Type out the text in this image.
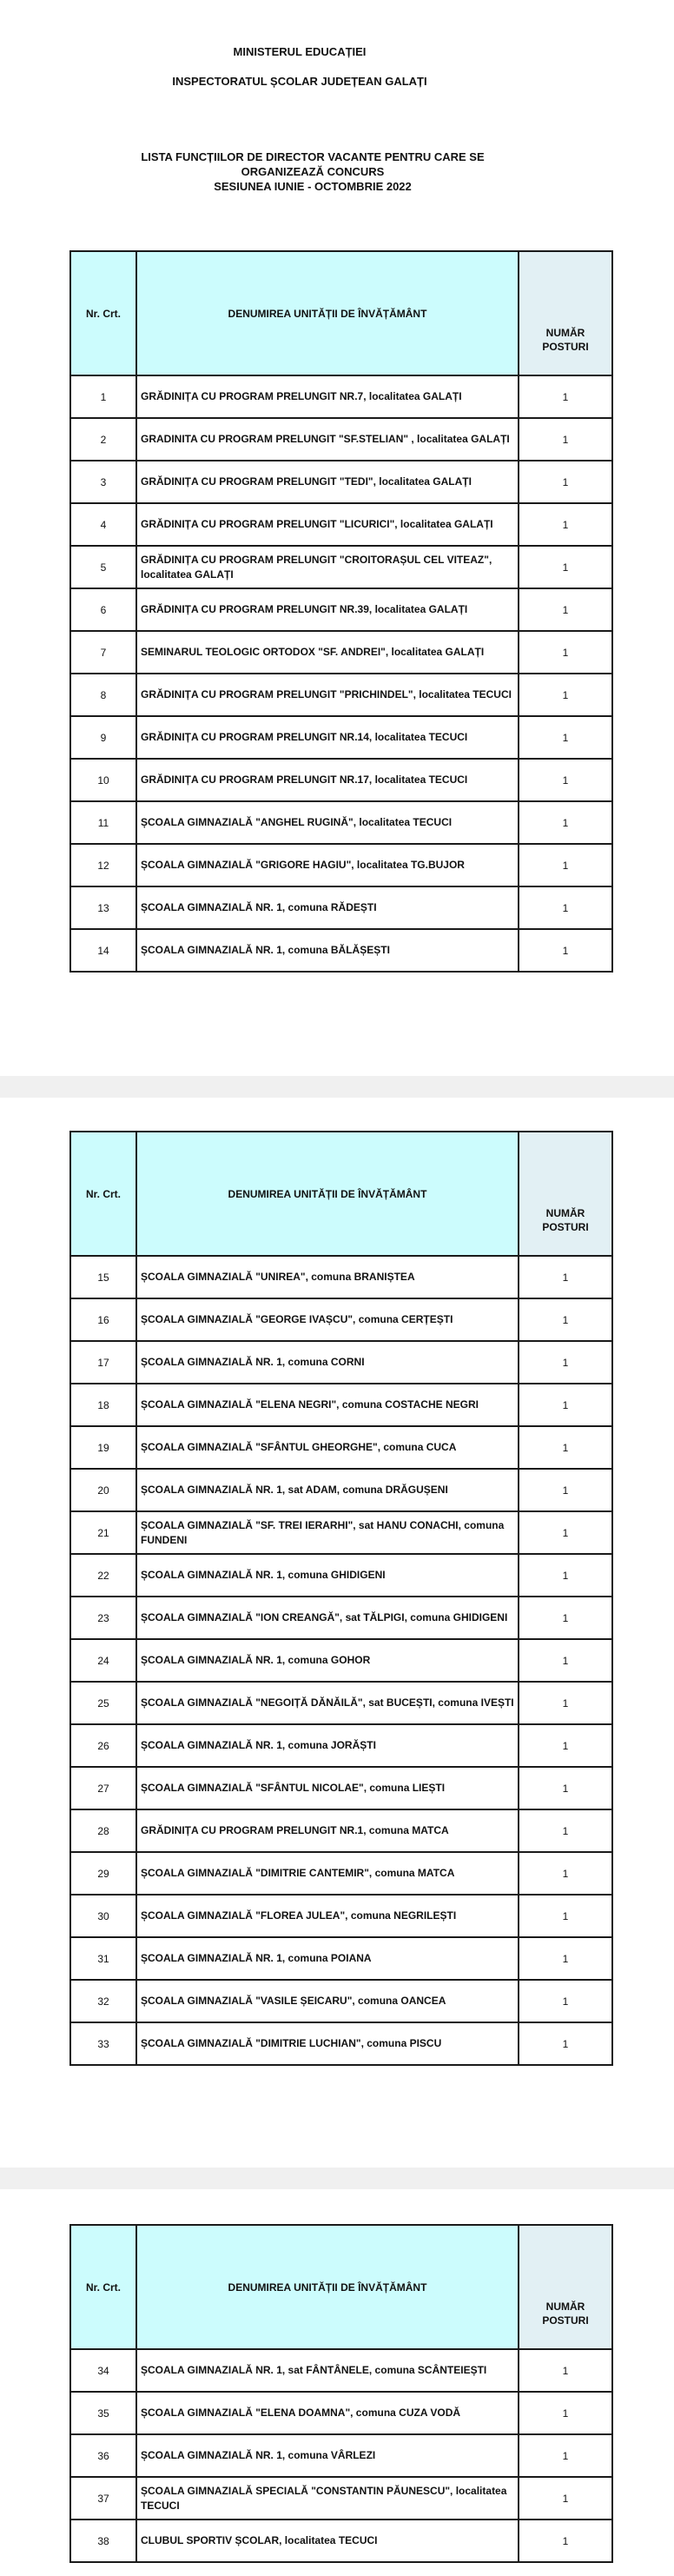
MINISTERUL EDUCAȚIEI
INSPECTORATUL ȘCOLAR JUDEȚEAN GALAȚI
LISTA FUNCȚIILOR DE DIRECTOR VACANTE PENTRU CARE SE
ORGANIZEAZĂ CONCURS
SESIUNEA IUNIE - OCTOMBRIE 2022
Nr. Crt.	DENUMIREA UNITĂȚII DE ÎNVĂȚĂMÂNT	NUMĂR
POSTURI
1	GRĂDINIȚA CU PROGRAM PRELUNGIT NR.7, localitatea GALAȚI	1
2	GRADINITA CU PROGRAM PRELUNGIT "SF.STELIAN" , localitatea GALAȚI	1
3	GRĂDINIȚA CU PROGRAM PRELUNGIT "TEDI", localitatea GALAȚI	1
4	GRĂDINIȚA CU PROGRAM PRELUNGIT "LICURICI", localitatea GALAȚI	1
5	GRĂDINIȚA CU PROGRAM PRELUNGIT "CROITORAȘUL CEL VITEAZ", localitatea GALAȚI	1
6	GRĂDINIȚA CU PROGRAM PRELUNGIT NR.39, localitatea GALAȚI	1
7	SEMINARUL TEOLOGIC ORTODOX "SF. ANDREI", localitatea GALAȚI	1
8	GRĂDINIȚA CU PROGRAM PRELUNGIT "PRICHINDEL", localitatea TECUCI	1
9	GRĂDINIȚA CU PROGRAM PRELUNGIT NR.14, localitatea TECUCI	1
10	GRĂDINIȚA CU PROGRAM PRELUNGIT NR.17, localitatea TECUCI	1
11	ȘCOALA GIMNAZIALĂ "ANGHEL RUGINĂ", localitatea TECUCI	1
12	ȘCOALA GIMNAZIALĂ "GRIGORE HAGIU", localitatea TG.BUJOR	1
13	ȘCOALA GIMNAZIALĂ NR. 1, comuna RĂDEȘTI	1
14	ȘCOALA GIMNAZIALĂ NR. 1, comuna BĂLĂȘEȘTI	1
Nr. Crt.	DENUMIREA UNITĂȚII DE ÎNVĂȚĂMÂNT	NUMĂR
POSTURI
15	ȘCOALA GIMNAZIALĂ "UNIREA", comuna BRANIȘTEA	1
16	ȘCOALA GIMNAZIALĂ "GEORGE IVAȘCU", comuna CERȚEȘTI	1
17	ȘCOALA GIMNAZIALĂ NR. 1, comuna CORNI	1
18	ȘCOALA GIMNAZIALĂ "ELENA NEGRI", comuna COSTACHE NEGRI	1
19	ȘCOALA GIMNAZIALĂ "SFÂNTUL GHEORGHE", comuna CUCA	1
20	ȘCOALA GIMNAZIALĂ NR. 1, sat ADAM, comuna DRĂGUȘENI	1
21	ȘCOALA GIMNAZIALĂ "SF. TREI IERARHI", sat HANU CONACHI, comuna FUNDENI	1
22	ȘCOALA GIMNAZIALĂ NR. 1, comuna GHIDIGENI	1
23	ȘCOALA GIMNAZIALĂ "ION CREANGĂ", sat TĂLPIGI, comuna GHIDIGENI	1
24	ȘCOALA GIMNAZIALĂ NR. 1, comuna GOHOR	1
25	ȘCOALA GIMNAZIALĂ "NEGOIȚĂ DĂNĂILĂ", sat BUCEȘTI, comuna IVEȘTI	1
26	ȘCOALA GIMNAZIALĂ NR. 1, comuna JORĂȘTI	1
27	ȘCOALA GIMNAZIALĂ "SFÂNTUL NICOLAE", comuna LIEȘTI	1
28	GRĂDINIȚA CU PROGRAM PRELUNGIT NR.1, comuna MATCA	1
29	ȘCOALA GIMNAZIALĂ "DIMITRIE CANTEMIR", comuna MATCA	1
30	ȘCOALA GIMNAZIALĂ "FLOREA JULEA", comuna NEGRILEȘTI	1
31	ȘCOALA GIMNAZIALĂ NR. 1, comuna POIANA	1
32	ȘCOALA GIMNAZIALĂ "VASILE ȘEICARU", comuna OANCEA	1
33	ȘCOALA GIMNAZIALĂ "DIMITRIE LUCHIAN", comuna PISCU	1
Nr. Crt.	DENUMIREA UNITĂȚII DE ÎNVĂȚĂMÂNT	NUMĂR
POSTURI
34	ȘCOALA GIMNAZIALĂ NR. 1, sat FÂNTÂNELE, comuna SCÂNTEIEȘTI	1
35	ȘCOALA GIMNAZIALĂ "ELENA DOAMNA", comuna CUZA VODĂ	1
36	ȘCOALA GIMNAZIALĂ NR. 1, comuna VÂRLEZI	1
37	ȘCOALA GIMNAZIALĂ SPECIALĂ "CONSTANTIN PĂUNESCU", localitatea TECUCI	1
38	CLUBUL SPORTIV ȘCOLAR, localitatea TECUCI	1
